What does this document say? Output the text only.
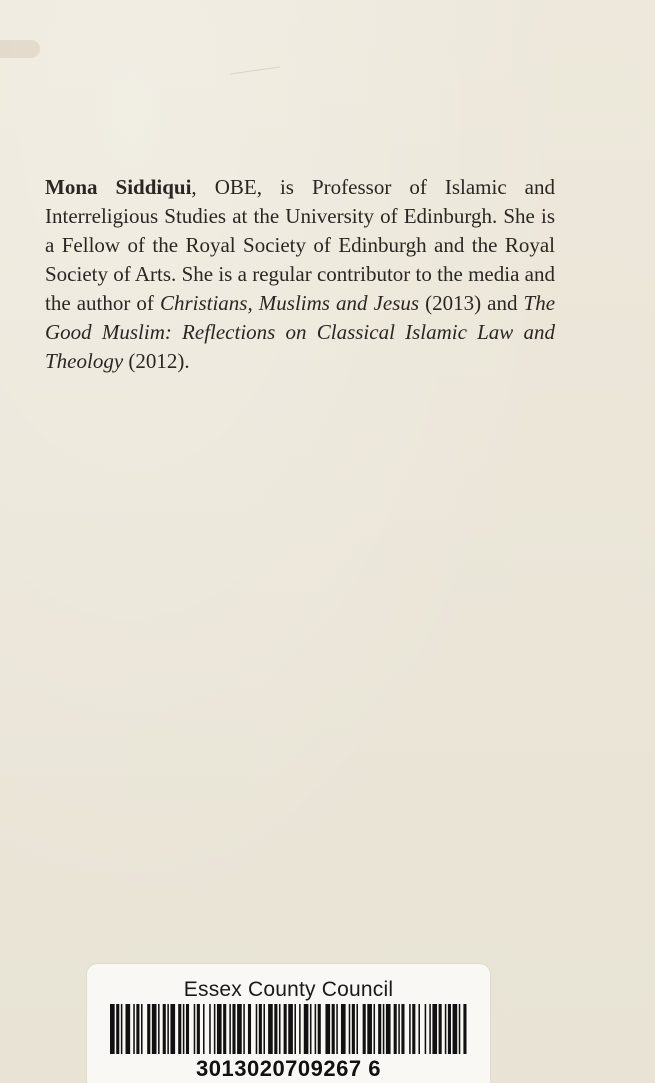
Mona Siddiqui, OBE, is Professor of Islamic and Interreligious Studies at the University of Edinburgh. She is a Fellow of the Royal Society of Edinburgh and the Royal Society of Arts. She is a regular contributor to the media and the author of Christians, Muslims and Jesus (2013) and The Good Muslim: Reflections on Classical Islamic Law and Theology (2012).

Essex County Council
3013020709267 6
